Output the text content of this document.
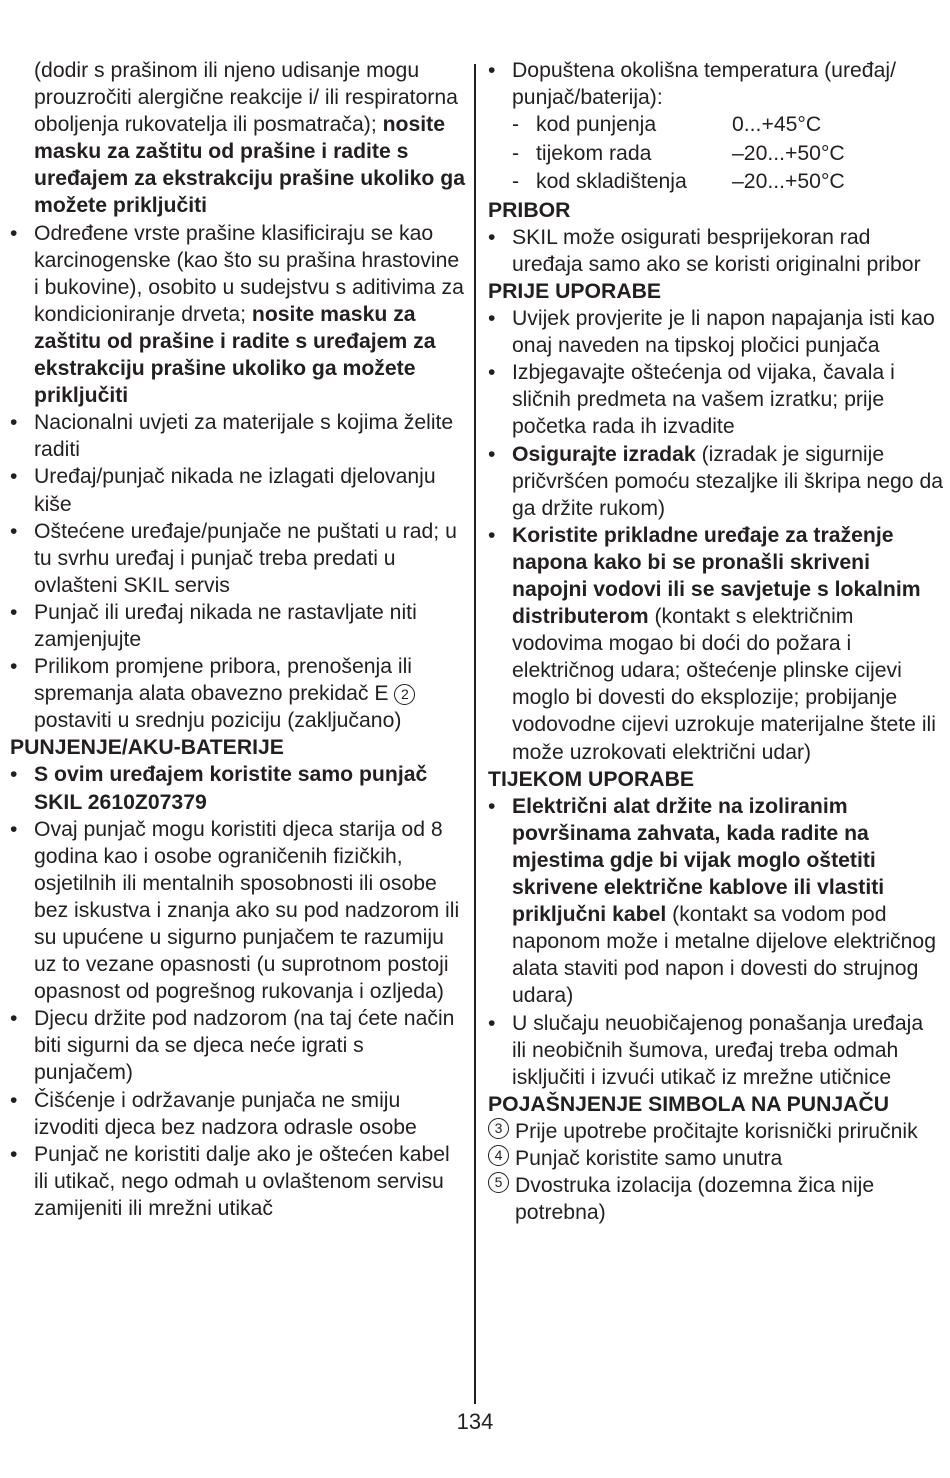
(dodir s prašinom ili njeno udisanje mogu prouzročiti alergične reakcije i/ ili respiratorna oboljenja rukovatelja ili posmatrača); nosite masku za zaštitu od prašine i radite s uređajem za ekstrakciju prašine ukoliko ga možete priključiti

• Određene vrste prašine klasificiraju se kao karcinogenske (kao što su prašina hrastovine i bukovine), osobito u sudejstvu s aditivima za kondicioniranje drveta; nosite masku za zaštitu od prašine i radite s uređajem za ekstrakciju prašine ukoliko ga možete priključiti

• Nacionalni uvjeti za materijale s kojima želite raditi

• Uređaj/punjač nikada ne izlagati djelovanju kiše

• Oštećene uređaje/punjače ne puštati u rad; u tu svrhu uređaj i punjač treba predati u ovlašteni SKIL servis

• Punjač ili uređaj nikada ne rastavljate niti zamjenjujte

• Prilikom promjene pribora, prenošenja ili spremanja alata obavezno prekidač E 2 postaviti u srednju poziciju (zaključano)

PUNJENJE/AKU-BATERIJE

• S ovim uređajem koristite samo punjač SKIL 2610Z07379

• Ovaj punjač mogu koristiti djeca starija od 8 godina kao i osobe ograničenih fizičkih, osjetilnih ili mentalnih sposobnosti ili osobe bez iskustva i znanja ako su pod nadzorom ili su upućene u sigurno punjačem te razumiju uz to vezane opasnosti (u suprotnom postoji opasnost od pogrešnog rukovanja i ozljeda)

• Djecu držite pod nadzorom (na taj ćete način biti sigurni da se djeca neće igrati s punjačem)

• Čišćenje i održavanje punjača ne smiju izvoditi djeca bez nadzora odrasle osobe

• Punjač ne koristiti dalje ako je oštećen kabel ili utikač, nego odmah u ovlaštenom servisu zamijeniti ili mrežni utikač

• Dopuštena okolišna temperatura (uređaj/ punjač/baterija):

- kod punjenja	0...+45°C
- tijekom rada	–20...+50°C
- kod skladištenja –20...+50°C

PRIBOR

• SKIL može osigurati besprijekoran rad uređaja samo ako se koristi originalni pribor

PRIJE UPORABE

• Uvijek provjerite je li napon napajanja isti kao onaj naveden na tipskoj pločici punjača

• Izbjegavajte oštećenja od vijaka, čavala i sličnih predmeta na vašem izratku; prije početka rada ih izvadite

• Osigurajte izradak (izradak je sigurnije pričvršćen pomoću stezaljke ili škripa nego da ga držite rukom)

• Koristite prikladne uređaje za traženje napona kako bi se pronašli skriveni napojni vodovi ili se savjetuje s lokalnim distributerom (kontakt s električnim vodovima mogao bi doći do požara i električnog udara; oštećenje plinske cijevi moglo bi dovesti do eksplozije; probijanje vodovodne cijevi uzrokuje materijalne štete ili može uzrokovati električni udar)

TIJEKOM UPORABE

• Električni alat držite na izoliranim površinama zahvata, kada radite na mjestima gdje bi vijak moglo oštetiti skrivene električne kablove ili vlastiti priključni kabel (kontakt sa vodom pod naponom može i metalne dijelove električnog alata staviti pod napon i dovesti do strujnog udara)

• U slučaju neuobičajenog ponašanja uređaja ili neobičnih šumova, uređaj treba odmah isključiti i izvući utikač iz mrežne utičnice

POJAŠNJENJE SIMBOLA NA PUNJAČU

3 Prije upotrebe pročitajte korisnički priručnik

4 Punjač koristite samo unutra

5 Dvostruka izolacija (dozemna žica nije potrebna)

134
